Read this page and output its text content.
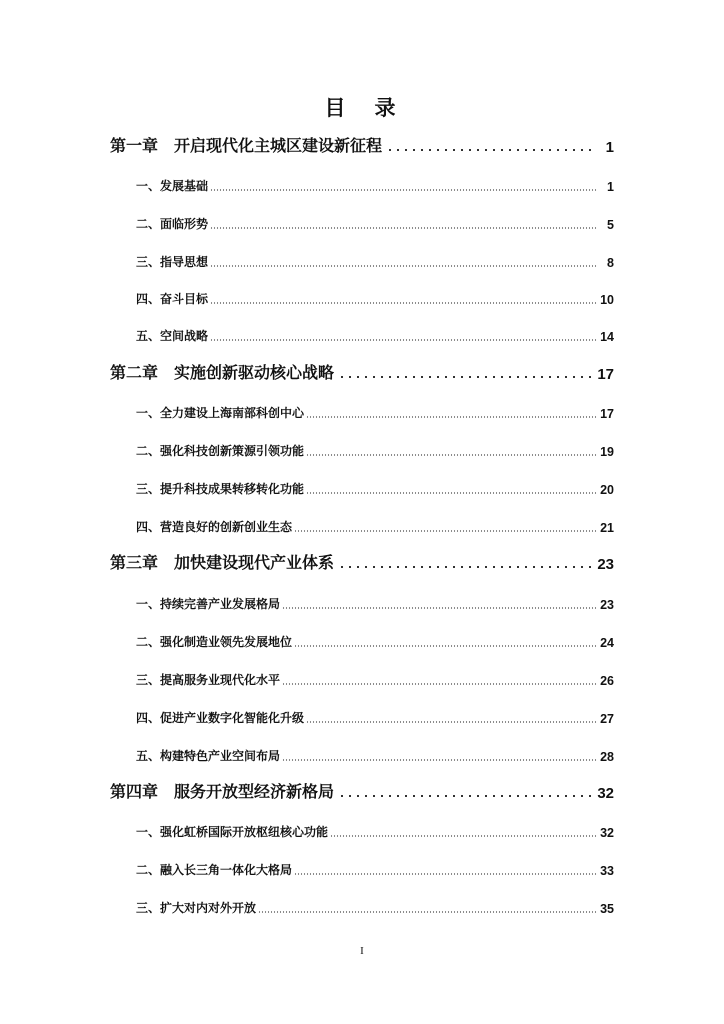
目　录
第一章　开启现代化主城区建设新征程	1
一、发展基础	1
二、面临形势	5
三、指导思想	8
四、奋斗目标	10
五、空间战略	14
第二章　实施创新驱动核心战略	17
一、全力建设上海南部科创中心	17
二、强化科技创新策源引领功能	19
三、提升科技成果转移转化功能	20
四、营造良好的创新创业生态	21
第三章　加快建设现代产业体系	23
一、持续完善产业发展格局	23
二、强化制造业领先发展地位	24
三、提高服务业现代化水平	26
四、促进产业数字化智能化升级	27
五、构建特色产业空间布局	28
第四章　服务开放型经济新格局	32
一、强化虹桥国际开放枢纽核心功能	32
二、融入长三角一体化大格局	33
三、扩大对内对外开放	35
I
